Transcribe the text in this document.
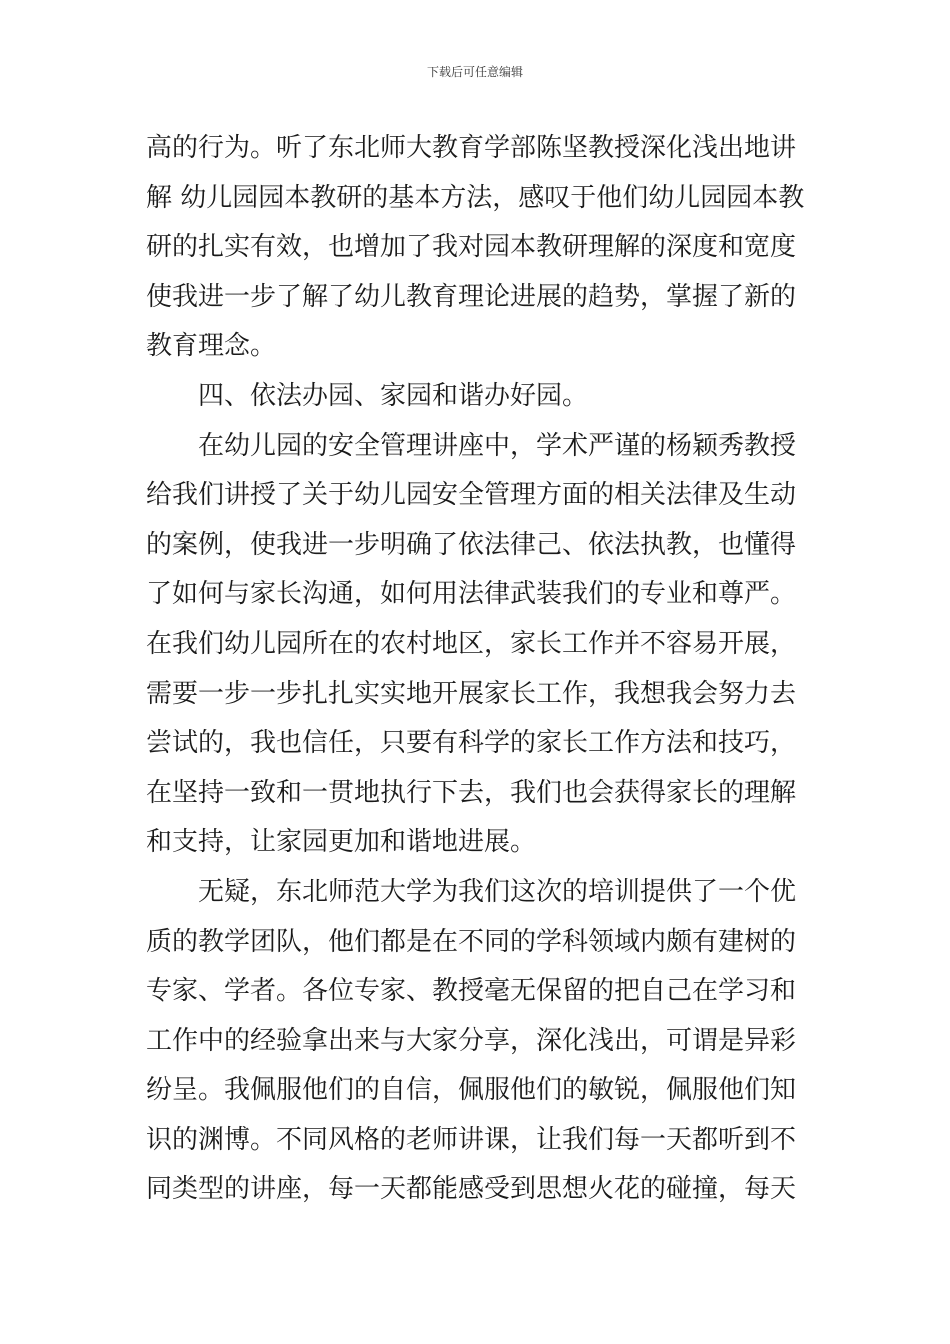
下载后可任意编辑
高的行为。听了东北师大教育学部陈坚教授深化浅出地讲
解 幼儿园园本教研的基本方法，感叹于他们幼儿园园本教
研的扎实有效，也增加了我对园本教研理解的深度和宽度
使我进一步了解了幼儿教育理论进展的趋势，掌握了新的
教育理念。
四、依法办园、家园和谐办好园。
在幼儿园的安全管理讲座中，学术严谨的杨颖秀教授
给我们讲授了关于幼儿园安全管理方面的相关法律及生动
的案例，使我进一步明确了依法律己、依法执教，也懂得
了如何与家长沟通，如何用法律武装我们的专业和尊严。
在我们幼儿园所在的农村地区，家长工作并不容易开展，
需要一步一步扎扎实实地开展家长工作，我想我会努力去
尝试的，我也信任，只要有科学的家长工作方法和技巧，
在坚持一致和一贯地执行下去，我们也会获得家长的理解
和支持，让家园更加和谐地进展。
无疑，东北师范大学为我们这次的培训提供了一个优
质的教学团队，他们都是在不同的学科领域内颇有建树的
专家、学者。各位专家、教授毫无保留的把自己在学习和
工作中的经验拿出来与大家分享，深化浅出，可谓是异彩
纷呈。我佩服他们的自信，佩服他们的敏锐，佩服他们知
识的渊博。不同风格的老师讲课，让我们每一天都听到不
同类型的讲座，每一天都能感受到思想火花的碰撞，每天
